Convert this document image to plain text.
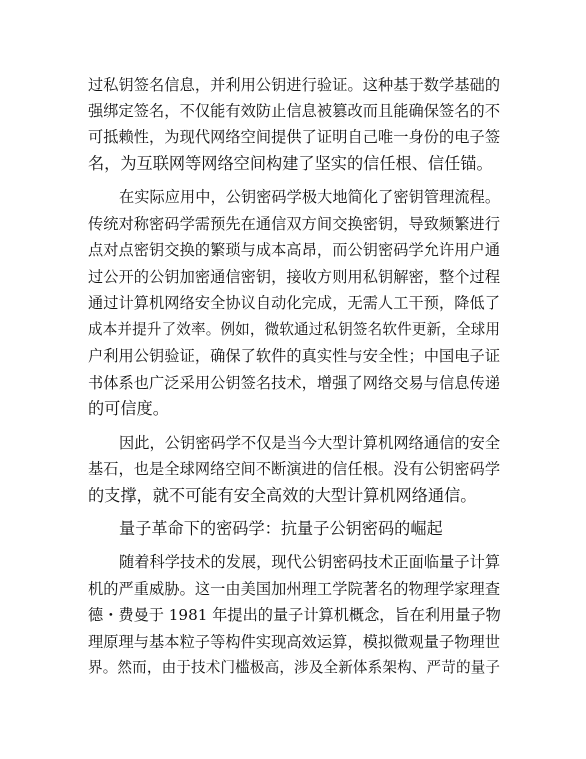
过私钥签名信息，并利用公钥进行验证。这种基于数学基础的
强绑定签名，不仅能有效防止信息被篡改而且能确保签名的不
可抵赖性，为现代网络空间提供了证明自己唯一身份的电子签
名，为互联网等网络空间构建了坚实的信任根、信任锚。
在实际应用中，公钥密码学极大地简化了密钥管理流程。
传统对称密码学需预先在通信双方间交换密钥，导致频繁进行
点对点密钥交换的繁琐与成本高昂，而公钥密码学允许用户通
过公开的公钥加密通信密钥，接收方则用私钥解密，整个过程
通过计算机网络安全协议自动化完成，无需人工干预，降低了
成本并提升了效率。例如，微软通过私钥签名软件更新，全球用
户利用公钥验证，确保了软件的真实性与安全性；中国电子证
书体系也广泛采用公钥签名技术，增强了网络交易与信息传递
的可信度。
因此，公钥密码学不仅是当今大型计算机网络通信的安全
基石，也是全球网络空间不断演进的信任根。没有公钥密码学
的支撑，就不可能有安全高效的大型计算机网络通信。
量子革命下的密码学：抗量子公钥密码的崛起
随着科学技术的发展，现代公钥密码技术正面临量子计算
机的严重威胁。这一由美国加州理工学院著名的物理学家理查
德・费曼于 1981 年提出的量子计算机概念，旨在利用量子物
理原理与基本粒子等构件实现高效运算，模拟微观量子物理世
界。然而，由于技术门槛极高，涉及全新体系架构、严苛的量子
